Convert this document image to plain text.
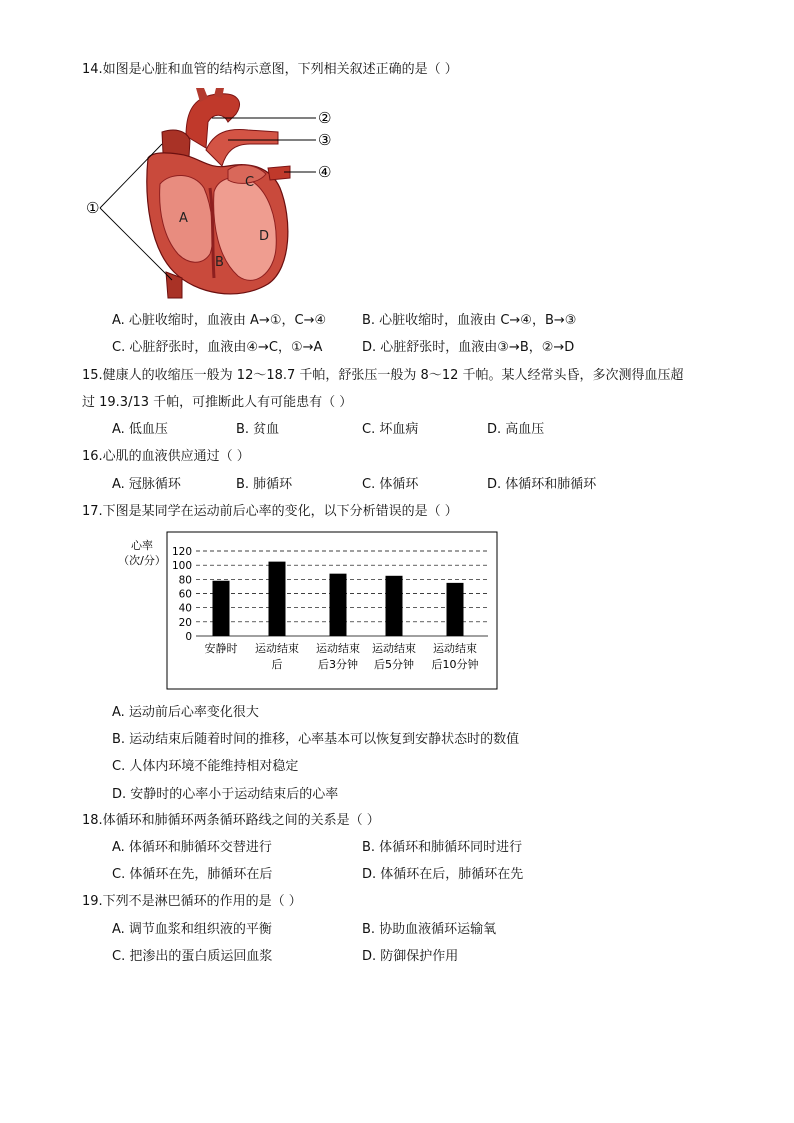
14.如图是心脏和血管的结构示意图，下列相关叙述正确的是（ ）
A
B
C
D
①
②
③
④
A. 心脏收缩时，血液由 A→①，C→④	B. 心脏收缩时，血液由 C→④，B→③
C. 心脏舒张时，血液由④→C，①→A	D. 心脏舒张时，血液由③→B，②→D
15.健康人的收缩压一般为 12～18.7 千帕，舒张压一般为 8～12 千帕。某人经常头昏，多次测得血压超
过 19.3/13 千帕，可推断此人有可能患有（ ）
A. 低血压	B. 贫血	C. 坏血病	D. 高血压
16.心肌的血液供应通过（ ）
A. 冠脉循环	B. 肺循环	C. 体循环	D. 体循环和肺循环
17.下图是某同学在运动前后心率的变化，以下分析错误的是（ ）
心率
（次/分）
120
100
80
60
40
20
0
安静时 运动结束
后
运动结束
后3分钟
运动结束
后5分钟
运动结束
后10分钟
A. 运动前后心率变化很大
B. 运动结束后随着时间的推移，心率基本可以恢复到安静状态时的数值
C. 人体内环境不能维持相对稳定
D. 安静时的心率小于运动结束后的心率
18.体循环和肺循环两条循环路线之间的关系是（ ）
A. 体循环和肺循环交替进行	B. 体循环和肺循环同时进行
C. 体循环在先，肺循环在后	D. 体循环在后，肺循环在先
19.下列不是淋巴循环的作用的是（ ）
A. 调节血浆和组织液的平衡	B. 协助血液循环运输氧
C. 把渗出的蛋白质运回血浆	D. 防御保护作用
